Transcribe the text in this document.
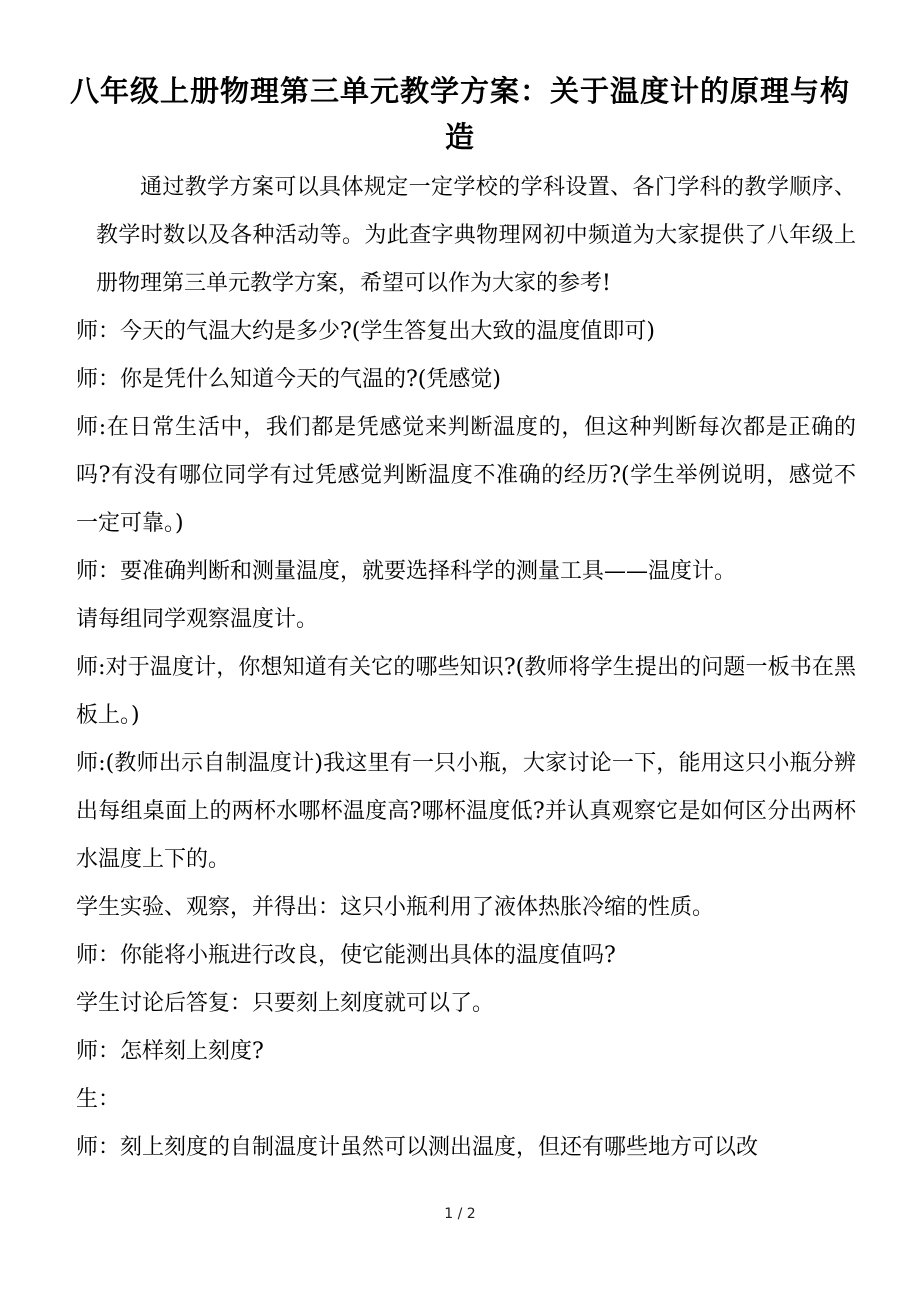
八年级上册物理第三单元教学方案：关于温度计的原理与构造

通过教学方案可以具体规定一定学校的学科设置、各门学科的教学顺序、教学时数以及各种活动等。为此查字典物理网初中频道为大家提供了八年级上册物理第三单元教学方案，希望可以作为大家的参考!

师：今天的气温大约是多少?(学生答复出大致的温度值即可)

师：你是凭什么知道今天的气温的?(凭感觉)

师:在日常生活中，我们都是凭感觉来判断温度的，但这种判断每次都是正确的吗?有没有哪位同学有过凭感觉判断温度不准确的经历?(学生举例说明，感觉不一定可靠。)

师：要准确判断和测量温度，就要选择科学的测量工具——温度计。

请每组同学观察温度计。

师:对于温度计，你想知道有关它的哪些知识?(教师将学生提出的问题一板书在黑板上。)

师:(教师出示自制温度计)我这里有一只小瓶，大家讨论一下，能用这只小瓶分辨出每组桌面上的两杯水哪杯温度高?哪杯温度低?并认真观察它是如何区分出两杯水温度上下的。

学生实验、观察，并得出：这只小瓶利用了液体热胀冷缩的性质。

师：你能将小瓶进行改良，使它能测出具体的温度值吗?

学生讨论后答复：只要刻上刻度就可以了。

师：怎样刻上刻度?

生：

师：刻上刻度的自制温度计虽然可以测出温度，但还有哪些地方可以改

1 / 2
